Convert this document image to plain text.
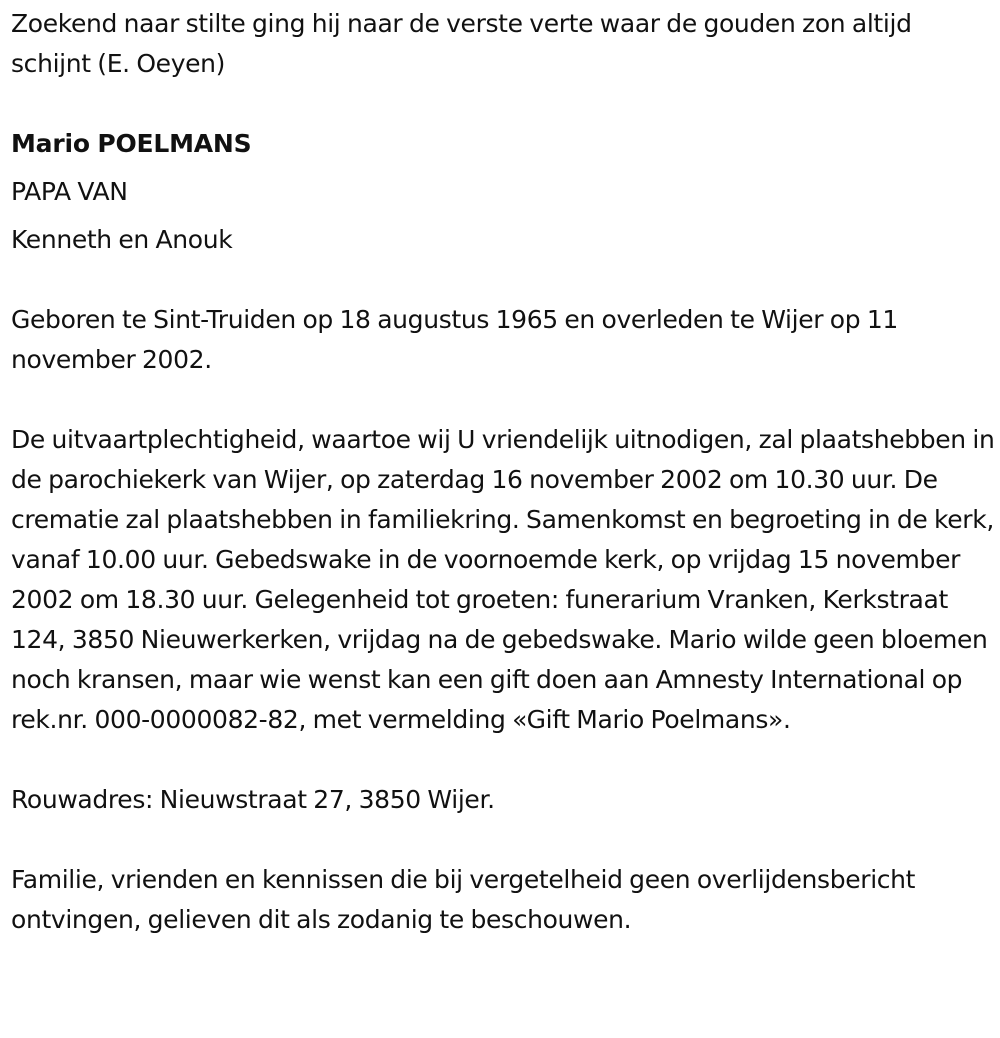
Zoekend naar stilte ging hij naar de verste verte waar de gouden zon altijd schijnt (E. Oeyen)

Mario POELMANS

PAPA VAN

Kenneth en Anouk

Geboren te Sint-Truiden op 18 augustus 1965 en overleden te Wijer op 11 november 2002.

De uitvaartplechtigheid, waartoe wij U vriendelijk uitnodigen, zal plaatshebben in de parochiekerk van Wijer, op zaterdag 16 november 2002 om 10.30 uur. De crematie zal plaatshebben in familiekring. Samenkomst en begroeting in de kerk, vanaf 10.00 uur. Gebedswake in de voornoemde kerk, op vrijdag 15 november 2002 om 18.30 uur. Gelegenheid tot groeten: funerarium Vranken, Kerkstraat 124, 3850 Nieuwerkerken, vrijdag na de gebedswake. Mario wilde geen bloemen noch kransen, maar wie wenst kan een gift doen aan Amnesty International op rek.nr. 000-0000082-82, met vermelding «Gift Mario Poelmans».

Rouwadres: Nieuwstraat 27, 3850 Wijer.

Familie, vrienden en kennissen die bij vergetelheid geen overlijdensbericht ontvingen, gelieven dit als zodanig te beschouwen.
